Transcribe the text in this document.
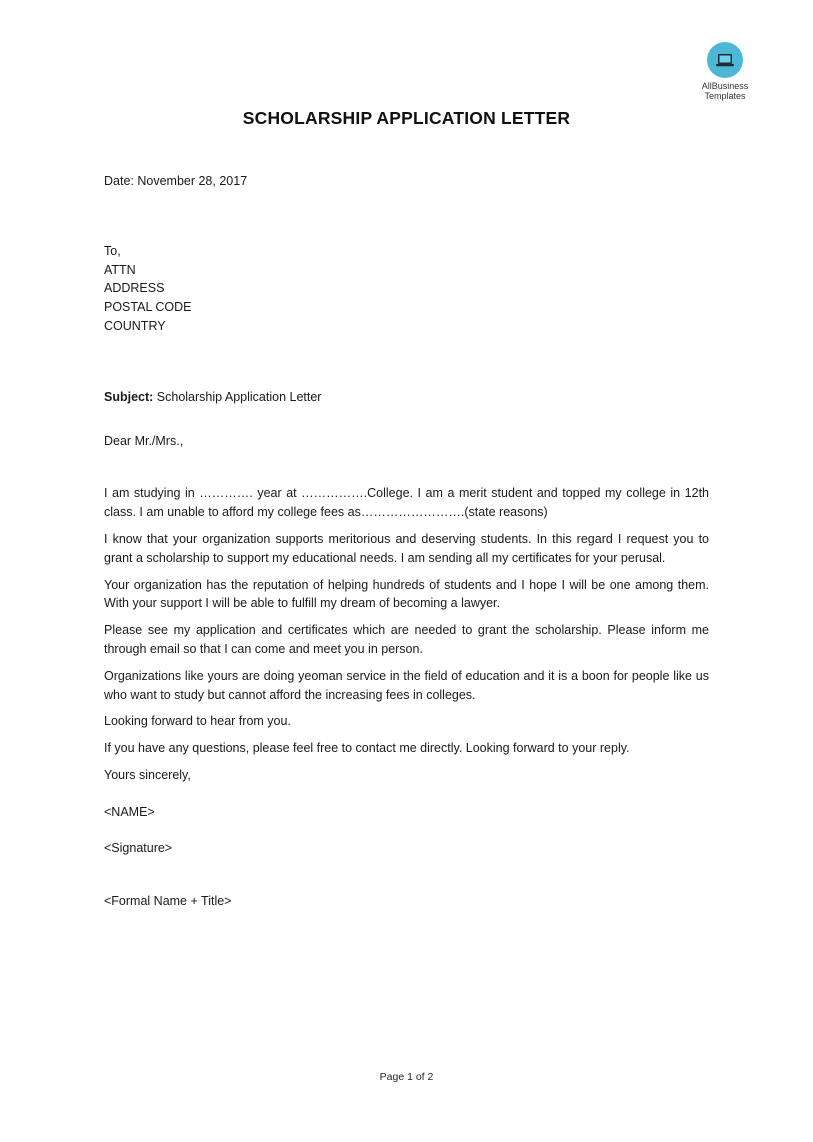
AllBusiness
Templates
SCHOLARSHIP APPLICATION LETTER

Date: November 28, 2017

To,

ATTN

ADDRESS

POSTAL CODE

COUNTRY

Subject: Scholarship Application Letter

Dear Mr./Mrs.,

I am studying in …………. year at …………….College. I am a merit student and topped my college in 12th class. I am unable to afford my college fees as…………………….(state reasons)

I know that your organization supports meritorious and deserving students. In this regard I request you to grant a scholarship to support my educational needs. I am sending all my certificates for your perusal.

Your organization has the reputation of helping hundreds of students and I hope I will be one among them. With your support I will be able to fulfill my dream of becoming a lawyer.

Please see my application and certificates which are needed to grant the scholarship. Please inform me through email so that I can come and meet you in person.

Organizations like yours are doing yeoman service in the field of education and it is a boon for people like us who want to study but cannot afford the increasing fees in colleges.

Looking forward to hear from you.

If you have any questions, please feel free to contact me directly. Looking forward to your reply.

Yours sincerely,

<NAME>

<Signature>

<Formal Name + Title>

Page 1 of 2
